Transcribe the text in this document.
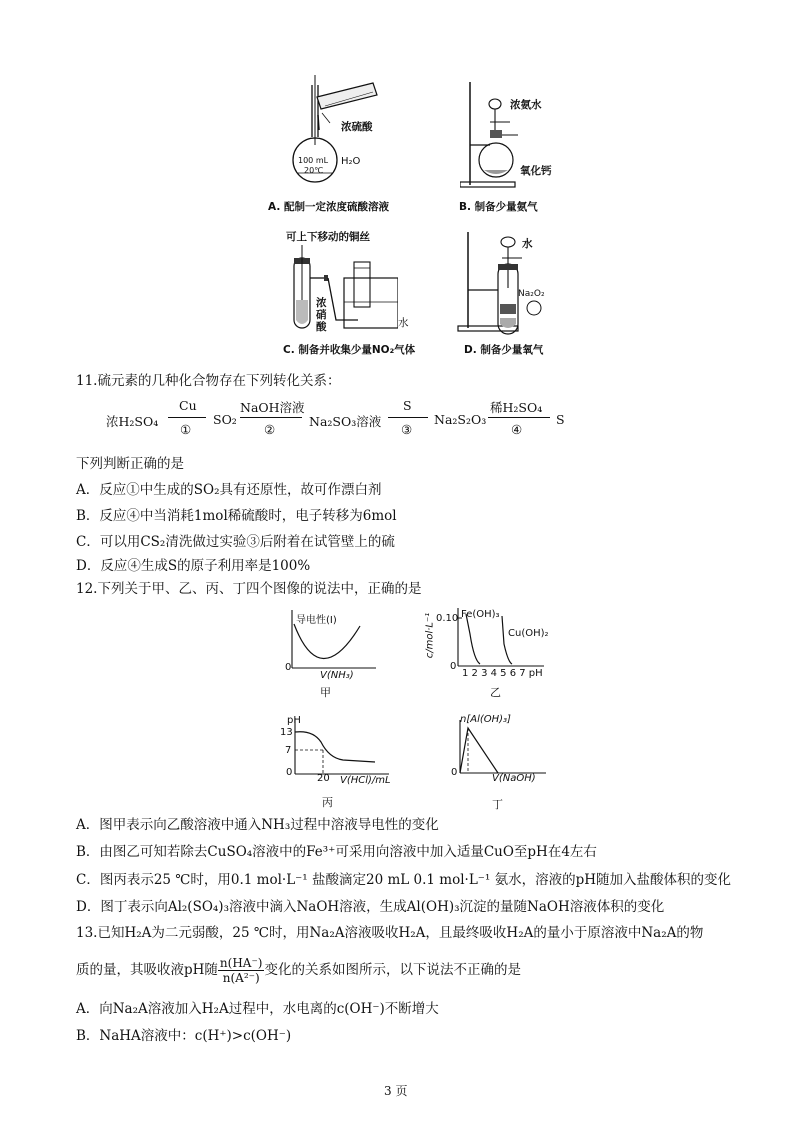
浓硫酸
100 mL
20℃
H₂O
A. 配制一定浓度硫酸溶液
浓氨水
氧化钙
B. 制备少量氨气
可上下移动的铜丝
浓硝酸	水
C. 制备并收集少量NO₂气体
水
Na₂O₂
D. 制备少量氧气
11.硫元素的几种化合物存在下列转化关系：
浓H₂SO₄
Cu
①
SO₂
NaOH溶液
②
Na₂SO₃溶液
S
③
Na₂S₂O₃
稀H₂SO₄
④
S
下列判断正确的是
A．反应①中生成的SO₂具有还原性，故可作漂白剂
B．反应④中当消耗1mol稀硫酸时，电子转移为6mol
C．可以用CS₂清洗做过实验③后附着在试管壁上的硫
D．反应④生成S的原子利用率是100%
12.下列关于甲、乙、丙、丁四个图像的说法中，正确的是
导电性(I)
0
V(NH₃)
甲
c/mol·L⁻¹ 0.10
0
Fe(OH)₃
Cu(OH)₂
1 2 3 4 5 6 7 pH
乙
pH
13
7
0
20 V(HCl)/mL
丙
n[Al(OH)₃]
0
V(NaOH)
丁
A．图甲表示向乙酸溶液中通入NH₃过程中溶液导电性的变化
B．由图乙可知若除去CuSO₄溶液中的Fe³⁺可采用向溶液中加入适量CuO至pH在4左右
C．图丙表示25 ℃时，用0.1 mol·L⁻¹ 盐酸滴定20 mL 0.1 mol·L⁻¹ 氨水，溶液的pH随加入盐酸体积的变化
D．图丁表示向Al₂(SO₄)₃溶液中滴入NaOH溶液，生成Al(OH)₃沉淀的量随NaOH溶液体积的变化
13.已知H₂A为二元弱酸，25 ℃时，用Na₂A溶液吸收H₂A，且最终吸收H₂A的量小于原溶液中Na₂A的物
质的量，其吸收液pH随 $\frac{n(HA^-)}{\text{n(A²⁻)}}$ 变化的关系如图所示，以下说法不正确的是
A．向Na₂A溶液加入H₂A过程中，水电离的c(OH⁻)不断增大
B．NaHA溶液中：c(H⁺)>c(OH⁻)
3 页
